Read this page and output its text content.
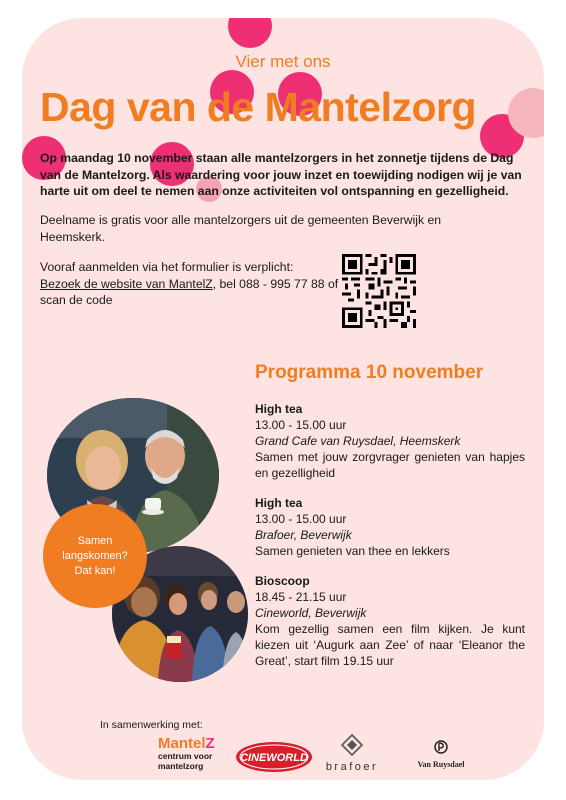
Vier met ons
Dag van de Mantelzorg
Op maandag 10 november staan alle mantelzorgers in het zonnetje tijdens de Dag van de Mantelzorg. Als waardering voor jouw inzet en toewijding nodigen wij je van harte uit om deel te nemen aan onze activiteiten vol ontspanning en gezelligheid.
Deelname is gratis voor alle mantelzorgers uit de gemeenten Beverwijk en Heemskerk.
Vooraf aanmelden via het formulier is verplicht:
Bezoek de website van MantelZ, bel 088 - 995 77 88 of scan de code
Programma 10 november
High tea
13.00 - 15.00 uur
Grand Cafe van Ruysdael, Heemskerk
Samen met jouw zorgvrager genieten van hapjes en gezelligheid
High tea
13.00 - 15.00 uur
Brafoer, Beverwijk
Samen genieten van thee en lekkers
Bioscoop
18.45 - 21.15 uur
Cineworld, Beverwijk
Kom gezellig samen een film kijken. Je kunt kiezen uit ‘Augurk aan Zee’ of naar ‘Eleanor the Great’, start film 19.15 uur
Samen
langskomen?
Dat kan!
In samenwerking met:
MantelZ
centrum voor
mantelzorg
CINEWORLD
brafoer	Van Ruysdael
